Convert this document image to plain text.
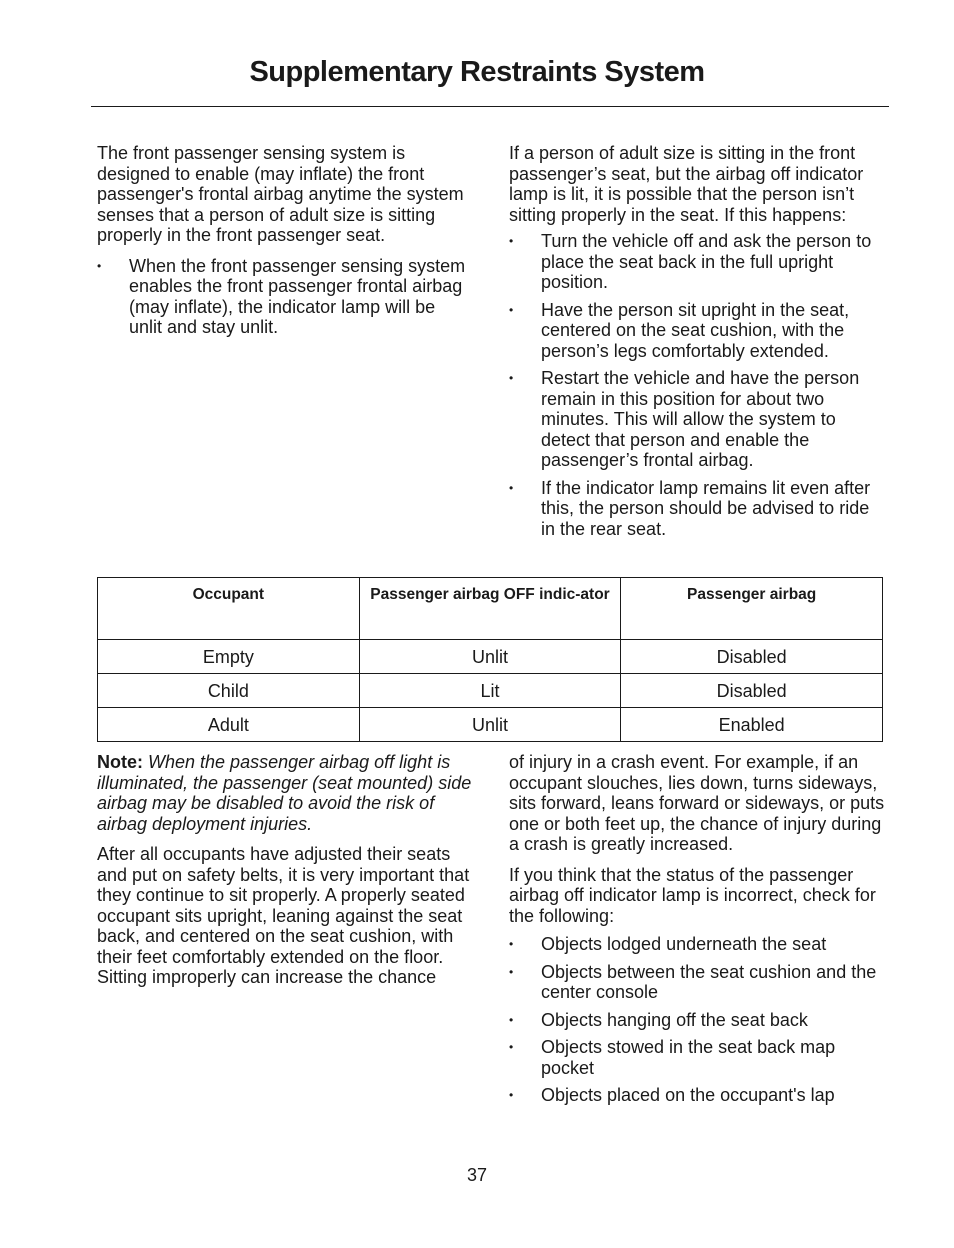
Supplementary Restraints System

The front passenger sensing system is designed to enable (may inflate) the front passenger's frontal airbag anytime the system senses that a person of adult size is sitting properly in the front passenger seat.

•	When the front passenger sensing system enables the front passenger frontal airbag (may inflate), the indicator lamp will be unlit and stay unlit.

If a person of adult size is sitting in the front passenger’s seat, but the airbag off indicator lamp is lit, it is possible that the person isn’t sitting properly in the seat. If this happens:

•	Turn the vehicle off and ask the person to place the seat back in the full upright position.
•	Have the person sit upright in the seat, centered on the seat cushion, with the person’s legs comfortably extended.
•	Restart the vehicle and have the person remain in this position for about two minutes. This will allow the system to detect that person and enable the passenger’s frontal airbag.
•	If the indicator lamp remains lit even after this, the person should be advised to ride in the rear seat.
Occupant	Passenger airbag OFF indic-ator	Passenger airbag
Empty	Unlit	Disabled
Child	Lit	Disabled
Adult	Unlit	Enabled

Note: When the passenger airbag off light is illuminated, the passenger (seat mounted) side airbag may be disabled to avoid the risk of airbag deployment injuries.

After all occupants have adjusted their seats and put on safety belts, it is very important that they continue to sit properly. A properly seated occupant sits upright, leaning against the seat back, and centered on the seat cushion, with their feet comfortably extended on the floor. Sitting improperly can increase the chance

of injury in a crash event. For example, if an occupant slouches, lies down, turns sideways, sits forward, leans forward or sideways, or puts one or both feet up, the chance of injury during a crash is greatly increased.

If you think that the status of the passenger airbag off indicator lamp is incorrect, check for the following:

•	Objects lodged underneath the seat
•	Objects between the seat cushion and the center console
•	Objects hanging off the seat back
•	Objects stowed in the seat back map pocket
•	Objects placed on the occupant's lap
37
